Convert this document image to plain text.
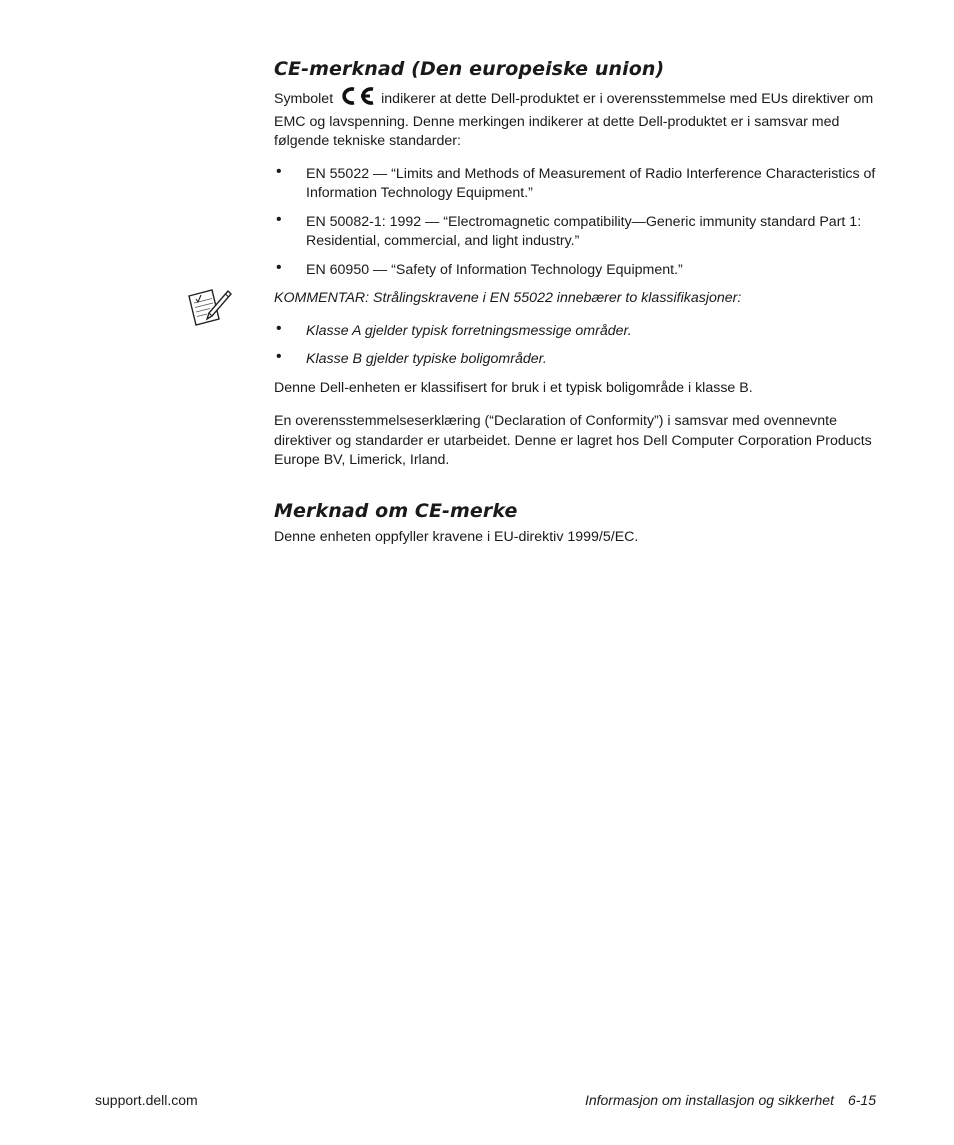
CE-merknad (Den europeiske union)

Symbolet	indikerer at dette Dell-produktet er i overensstemmelse med EUs direktiver om EMC og lavspenning. Denne merkingen indikerer at dette Dell-produktet er i samsvar med følgende tekniske standarder:

• EN 55022 — “Limits and Methods of Measurement of Radio Interference Characteristics of Information Technology Equipment.”
• EN 50082-1: 1992 — “Electromagnetic compatibility—Generic immunity standard Part 1: Residential, commercial, and light industry.”
• EN 60950 — “Safety of Information Technology Equipment.”

KOMMENTAR: Strålingskravene i EN 55022 innebærer to klassifikasjoner:

• Klasse A gjelder typisk forretningsmessige områder.
• Klasse B gjelder typiske boligområder.

Denne Dell-enheten er klassifisert for bruk i et typisk boligområde i klasse B.

En overensstemmelseserklæring (“Declaration of Conformity”) i samsvar med ovennevnte direktiver og standarder er utarbeidet. Denne er lagret hos Dell Computer Corporation Products Europe BV, Limerick, Irland.

Merknad om CE-merke

Denne enheten oppfyller kravene i EU-direktiv 1999/5/EC.

support.dell.com	Informasjon om installasjon og sikkerhet 6-15
